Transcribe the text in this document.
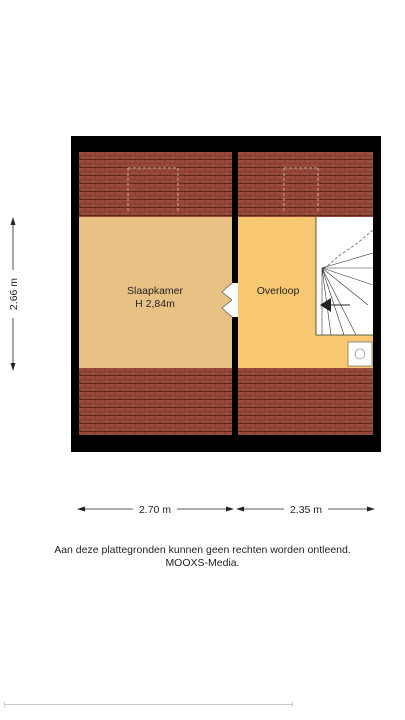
Slaapkamer
H 2,84m
Overloop
2.66 m
2.70 m	2.35 m
Aan deze plattegronden kunnen geen rechten worden ontleend.
MOOXS-Media.
